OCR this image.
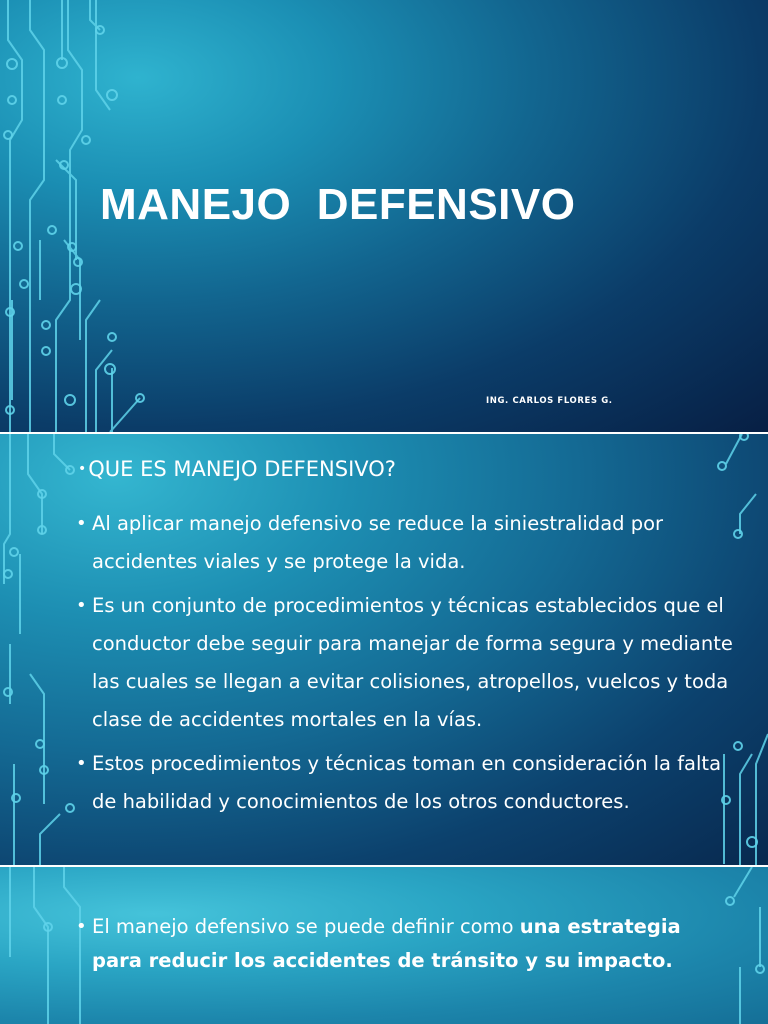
MANEJO  DEFENSIVO
ING. CARLOS FLORES G.
•QUE ES MANEJO DEFENSIVO?
• Al aplicar manejo defensivo se reduce la siniestralidad por accidentes viales y se protege la vida.
• Es un conjunto de procedimientos y técnicas establecidos que el conductor debe seguir para manejar de forma segura y mediante las cuales se llegan a evitar colisiones, atropellos, vuelcos y toda clase de accidentes mortales en la vías.
• Estos procedimientos y técnicas toman en consideración la falta de habilidad y conocimientos de los otros conductores.
• El manejo defensivo se puede definir como una estrategia para reducir los accidentes de tránsito y su impacto.
